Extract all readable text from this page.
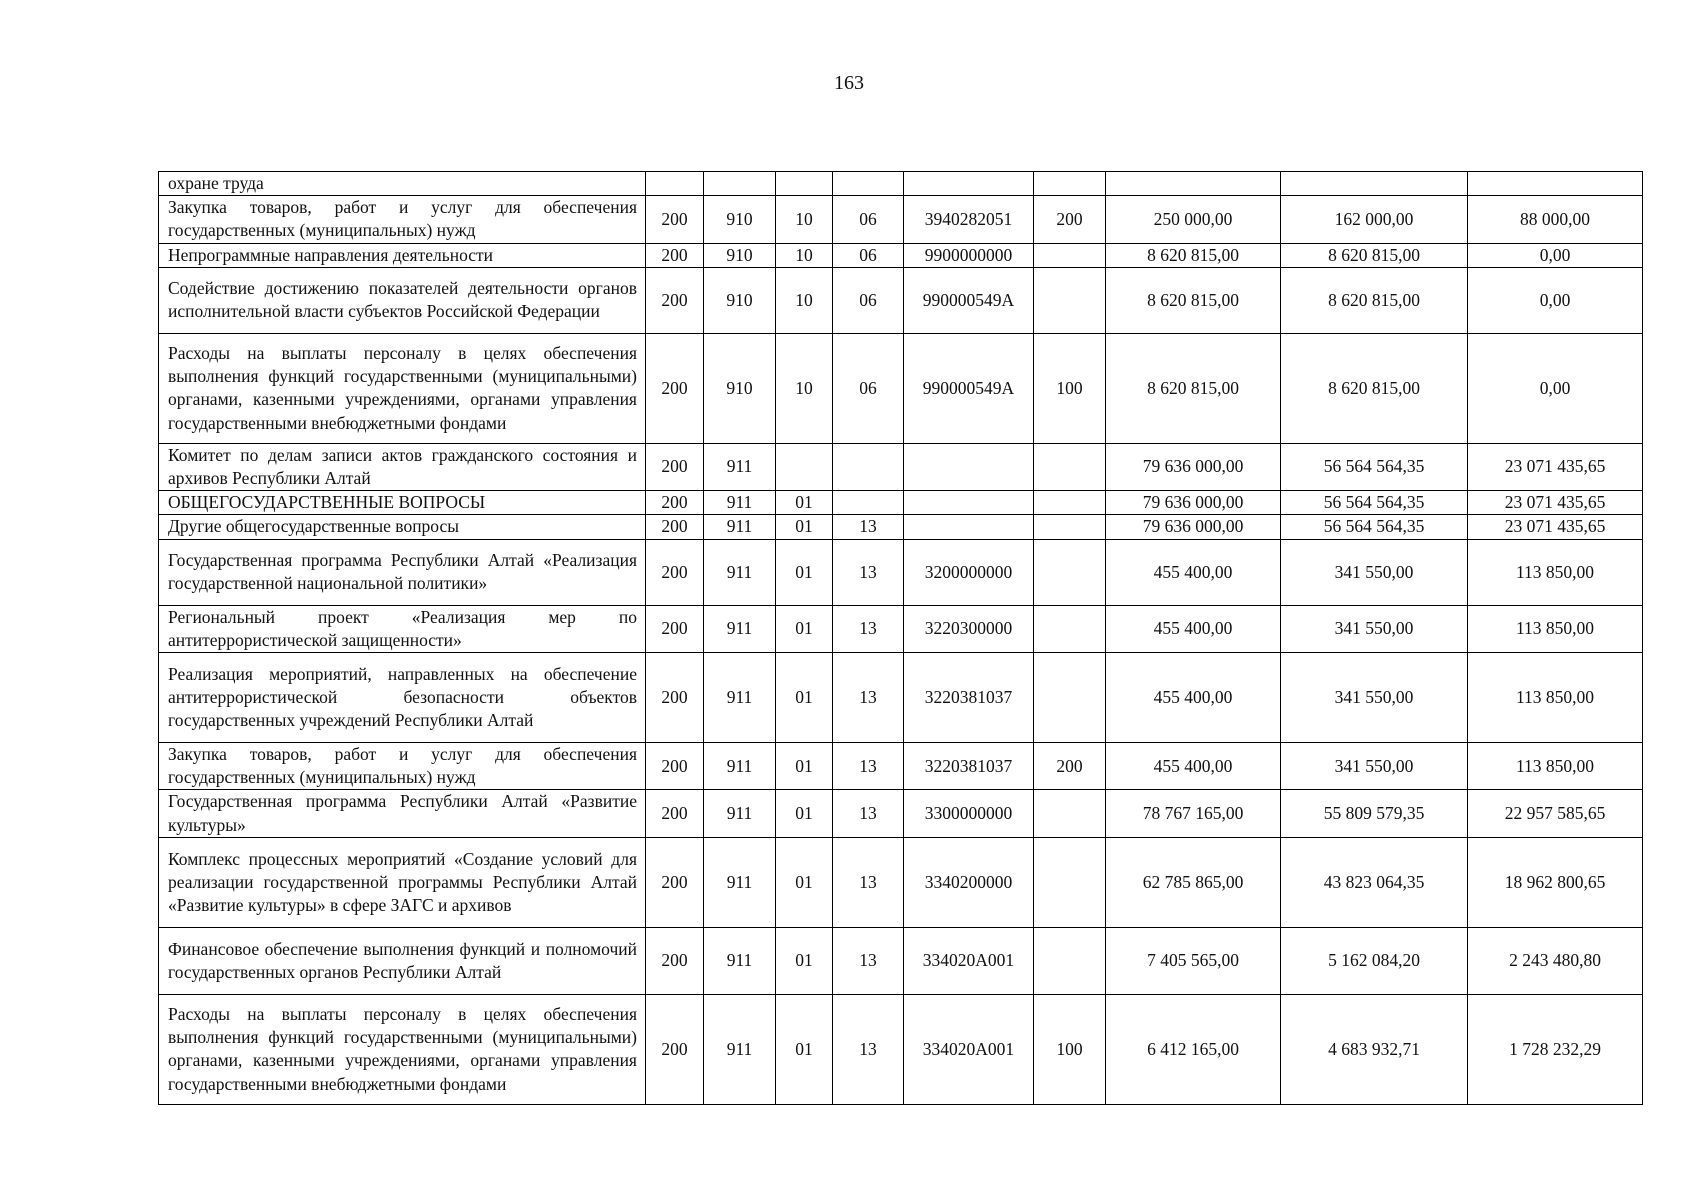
163
охране труда									
Закупка товаров, работ и услуг для обеспечения государственных (муниципальных) нужд	200	910	10	06	3940282051	200	250 000,00	162 000,00	88 000,00
Непрограммные направления деятельности	200	910	10	06	9900000000		8 620 815,00	8 620 815,00	0,00
Содействие достижению показателей деятельности органов исполнительной власти субъектов Российской Федерации	200	910	10	06	990000549А		8 620 815,00	8 620 815,00	0,00
Расходы на выплаты персоналу в целях обеспечения выполнения функций государственными (муниципальными) органами, казенными учреждениями, органами управления государственными внебюджетными фондами	200	910	10	06	990000549А	100	8 620 815,00	8 620 815,00	0,00
Комитет по делам записи актов гражданского состояния и архивов Республики Алтай	200	911					79 636 000,00	56 564 564,35	23 071 435,65
ОБЩЕГОСУДАРСТВЕННЫЕ ВОПРОСЫ	200	911	01				79 636 000,00	56 564 564,35	23 071 435,65
Другие общегосударственные вопросы	200	911	01	13			79 636 000,00	56 564 564,35	23 071 435,65
Государственная программа Республики Алтай «Реализация государственной национальной политики»	200	911	01	13	3200000000		455 400,00	341 550,00	113 850,00
Региональный проект «Реализация мер по антитеррористической защищенности»	200	911	01	13	3220300000		455 400,00	341 550,00	113 850,00
Реализация мероприятий, направленных на обеспечение антитеррористической безопасности объектов государственных учреждений Республики Алтай	200	911	01	13	3220381037		455 400,00	341 550,00	113 850,00
Закупка товаров, работ и услуг для обеспечения государственных (муниципальных) нужд	200	911	01	13	3220381037	200	455 400,00	341 550,00	113 850,00
Государственная программа Республики Алтай «Развитие культуры»	200	911	01	13	3300000000		78 767 165,00	55 809 579,35	22 957 585,65
Комплекс процессных мероприятий «Создание условий для реализации государственной программы Республики Алтай «Развитие культуры» в сфере ЗАГС и архивов	200	911	01	13	3340200000		62 785 865,00	43 823 064,35	18 962 800,65
Финансовое обеспечение выполнения функций и полномочий государственных органов Республики Алтай	200	911	01	13	334020А001		7 405 565,00	5 162 084,20	2 243 480,80
Расходы на выплаты персоналу в целях обеспечения выполнения функций государственными (муниципальными) органами, казенными учреждениями, органами управления государственными внебюджетными фондами	200	911	01	13	334020А001	100	6 412 165,00	4 683 932,71	1 728 232,29
